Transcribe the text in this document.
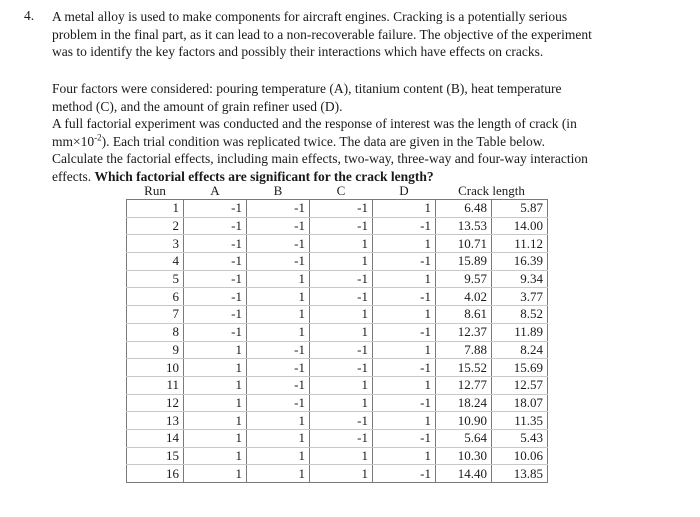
4. A metal alloy is used to make components for aircraft engines. Cracking is a potentially serious
problem in the final part, as it can lead to a non-recoverable failure. The objective of the experiment
was to identify the key factors and possibly their interactions which have effects on cracks.

Four factors were considered: pouring temperature (A), titanium content (B), heat temperature
method (C), and the amount of grain refiner used (D).

A full factorial experiment was conducted and the response of interest was the length of crack (in
$mm\times 10^{-2}$). Each trial condition was replicated twice. The data are given in the Table below.
Calculate the factorial effects, including main effects, two-way, three-way and four-way interaction
effects. Which factorial effects are significant for the crack length?

Run	A	B	C	D	Crack length	
1	-1	-1	-1	1	6.48	5.87
2	-1	-1	-1	-1	13.53	14.00
3	-1	-1	1	1	10.71	11.12
4	-1	-1	1	-1	15.89	16.39
5	-1	1	-1	1	9.57	9.34
6	-1	1	-1	-1	4.02	3.77
7	-1	1	1	1	8.61	8.52
8	-1	1	1	-1	12.37	11.89
9	1	-1	-1	1	7.88	8.24
10	1	-1	-1	-1	15.52	15.69
11	1	-1	1	1	12.77	12.57
12	1	-1	1	-1	18.24	18.07
13	1	1	-1	1	10.90	11.35
14	1	1	-1	-1	5.64	5.43
15	1	1	1	1	10.30	10.06
16	1	1	1	-1	14.40	13.85
